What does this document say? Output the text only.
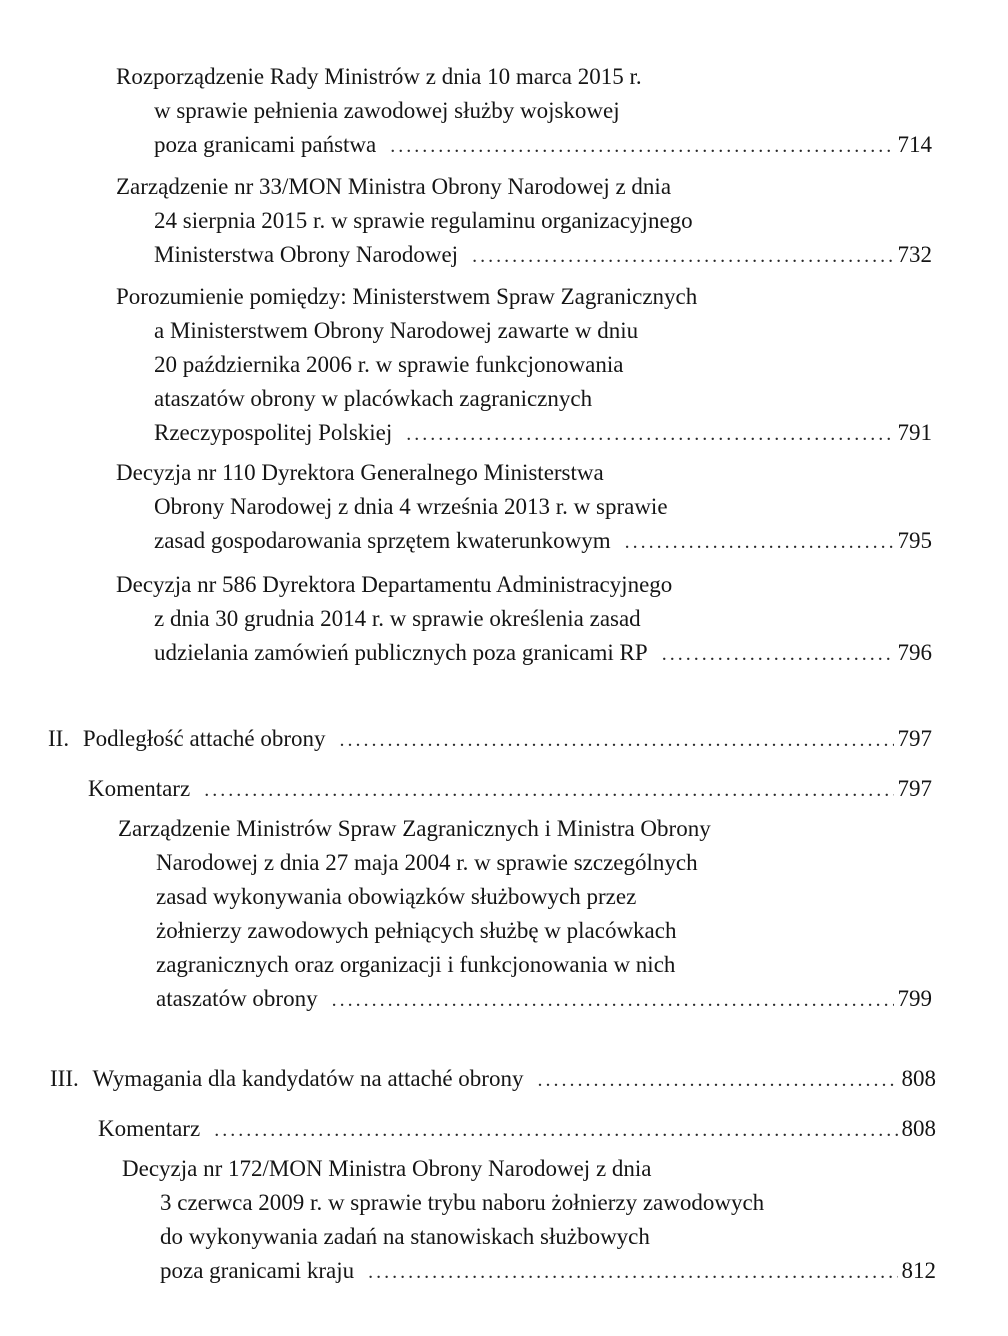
Rozporządzenie Rady Ministrów z dnia 10 marca 2015 r.
w sprawie pełnienia zawodowej służby wojskowej
poza granicami państwa . . .	714
Zarządzenie nr 33/MON Ministra Obrony Narodowej z dnia
24 sierpnia 2015 r. w sprawie regulaminu organizacyjnego
Ministerstwa Obrony Narodowej . . .	732
Porozumienie pomiędzy: Ministerstwem Spraw Zagranicznych
a Ministerstwem Obrony Narodowej zawarte w dniu
20 października 2006 r. w sprawie funkcjonowania
ataszatów obrony w placówkach zagranicznych
Rzeczypospolitej Polskiej . . .	791
Decyzja nr 110 Dyrektora Generalnego Ministerstwa
Obrony Narodowej z dnia 4 września 2013 r. w sprawie
zasad gospodarowania sprzętem kwaterunkowym . . .	795
Decyzja nr 586 Dyrektora Departamentu Administracyjnego
z dnia 30 grudnia 2014 r. w sprawie określenia zasad
udzielania zamówień publicznych poza granicami RP . . .	796
II. Podległość attaché obrony . . .	797
Komentarz . . .	797
Zarządzenie Ministrów Spraw Zagranicznych i Ministra Obrony
Narodowej z dnia 27 maja 2004 r. w sprawie szczególnych
zasad wykonywania obowiązków służbowych przez
żołnierzy zawodowych pełniących służbę w placówkach
zagranicznych oraz organizacji i funkcjonowania w nich
ataszatów obrony . . .	799
III. Wymagania dla kandydatów na attaché obrony . . .	808
Komentarz . . .	808
Decyzja nr 172/MON Ministra Obrony Narodowej z dnia
3 czerwca 2009 r. w sprawie trybu naboru żołnierzy zawodowych
do wykonywania zadań na stanowiskach służbowych
poza granicami kraju . . .	812
